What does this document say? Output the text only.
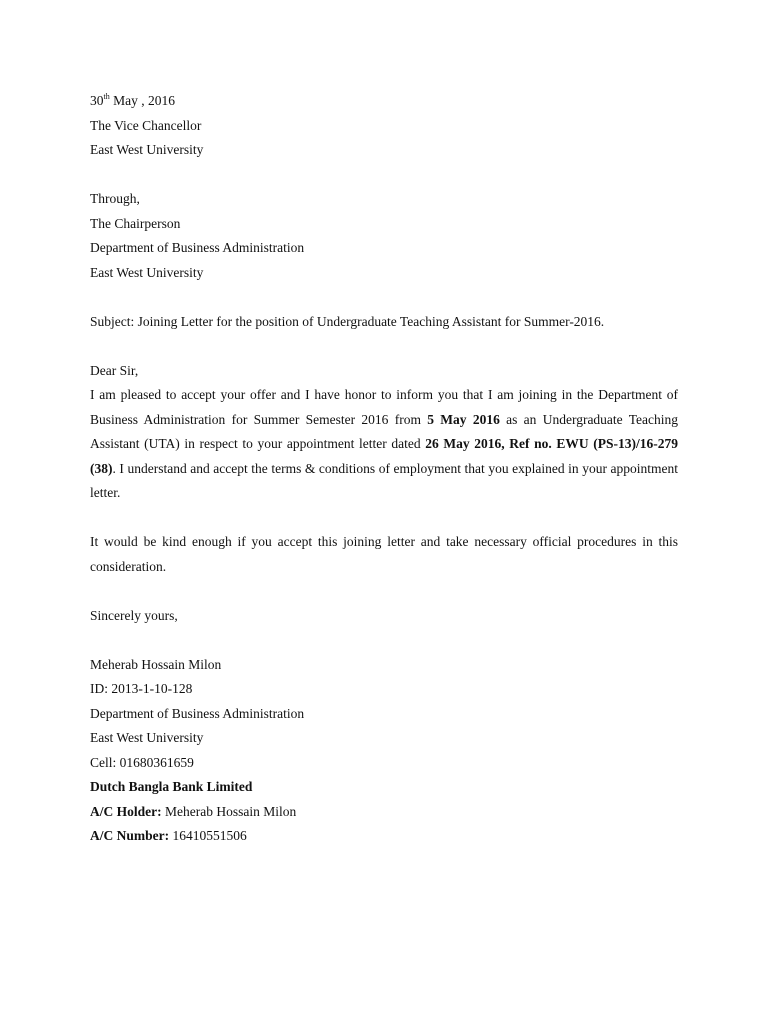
30th May , 2016
The Vice Chancellor
East West University
Through,
The Chairperson
Department of Business Administration
East West University
Subject: Joining Letter for the position of Undergraduate Teaching Assistant for Summer-2016.
Dear Sir,
I am pleased to accept your offer and I have honor to inform you that I am joining in the Department of Business Administration for Summer Semester 2016 from 5 May 2016 as an Undergraduate Teaching Assistant (UTA) in respect to your appointment letter dated 26 May 2016, Ref no. EWU (PS-13)/16-279 (38). I understand and accept the terms & conditions of employment that you explained in your appointment letter.
It would be kind enough if you accept this joining letter and take necessary official procedures in this consideration.
Sincerely yours,
Meherab Hossain Milon
ID: 2013-1-10-128
Department of Business Administration
East West University
Cell: 01680361659
Dutch Bangla Bank Limited
A/C Holder: Meherab Hossain Milon
A/C Number: 16410551506
